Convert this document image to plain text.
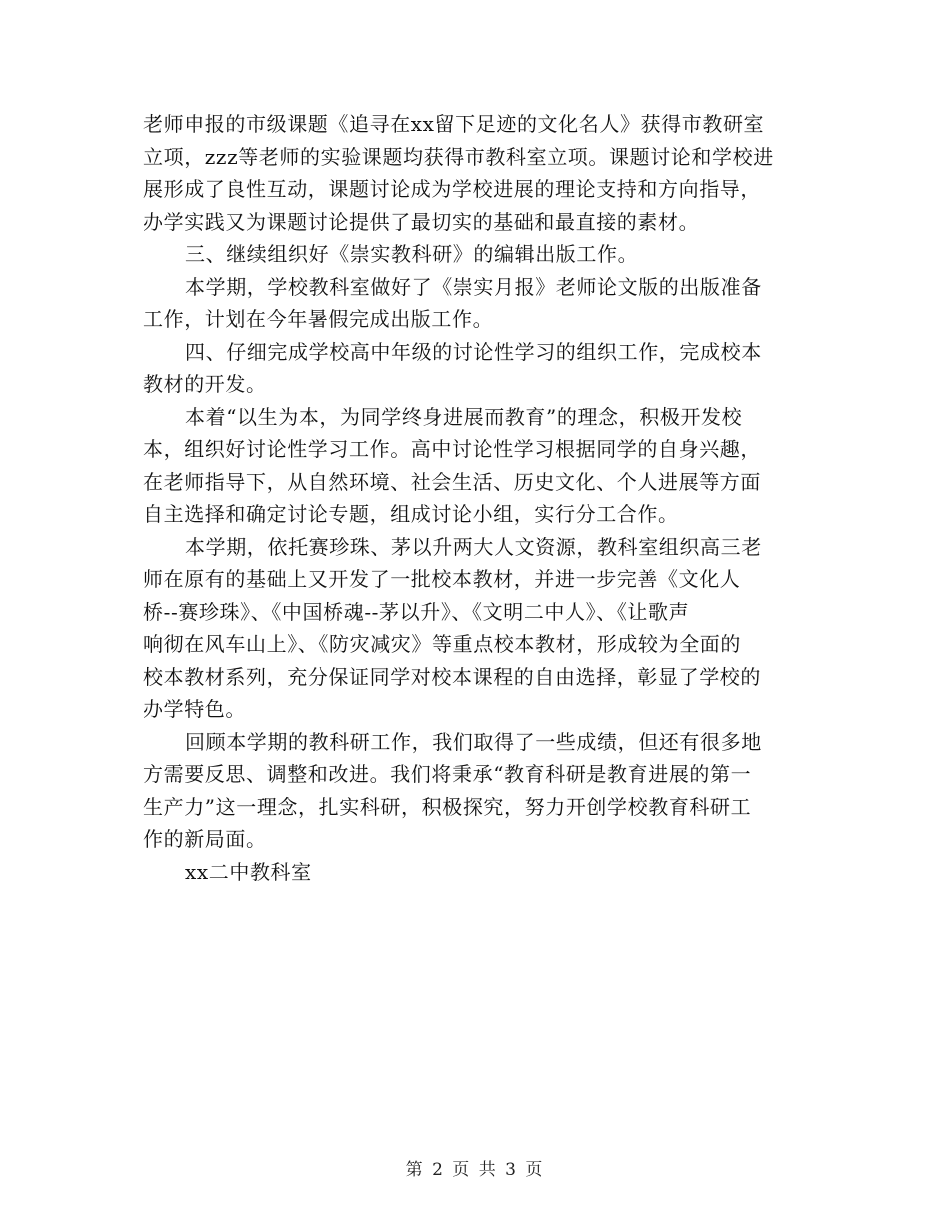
老师申报的市级课题《追寻在xx留下足迹的文化名人》获得市教研室
立项，zzz等老师的实验课题均获得市教科室立项。课题讨论和学校进
展形成了良性互动，课题讨论成为学校进展的理论支持和方向指导，
办学实践又为课题讨论提供了最切实的基础和最直接的素材。
三、继续组织好《崇实教科研》的编辑出版工作。
本学期，学校教科室做好了《崇实月报》老师论文版的出版准备
工作，计划在今年暑假完成出版工作。
四、仔细完成学校高中年级的讨论性学习的组织工作，完成校本
教材的开发。
本着“以生为本，为同学终身进展而教育”的理念，积极开发校
本，组织好讨论性学习工作。高中讨论性学习根据同学的自身兴趣，
在老师指导下，从自然环境、社会生活、历史文化、个人进展等方面
自主选择和确定讨论专题，组成讨论小组，实行分工合作。
本学期，依托赛珍珠、茅以升两大人文资源，教科室组织高三老
师在原有的基础上又开发了一批校本教材，并进一步完善《文化人
桥--赛珍珠》、《中国桥魂--茅以升》、《文明二中人》、《让歌声
响彻在风车山上》、《防灾减灾》等重点校本教材，形成较为全面的
校本教材系列，充分保证同学对校本课程的自由选择，彰显了学校的
办学特色。
回顾本学期的教科研工作，我们取得了一些成绩，但还有很多地
方需要反思、调整和改进。我们将秉承“教育科研是教育进展的第一
生产力”这一理念，扎实科研，积极探究，努力开创学校教育科研工
作的新局面。
xx二中教科室
第 2 页 共 3 页
